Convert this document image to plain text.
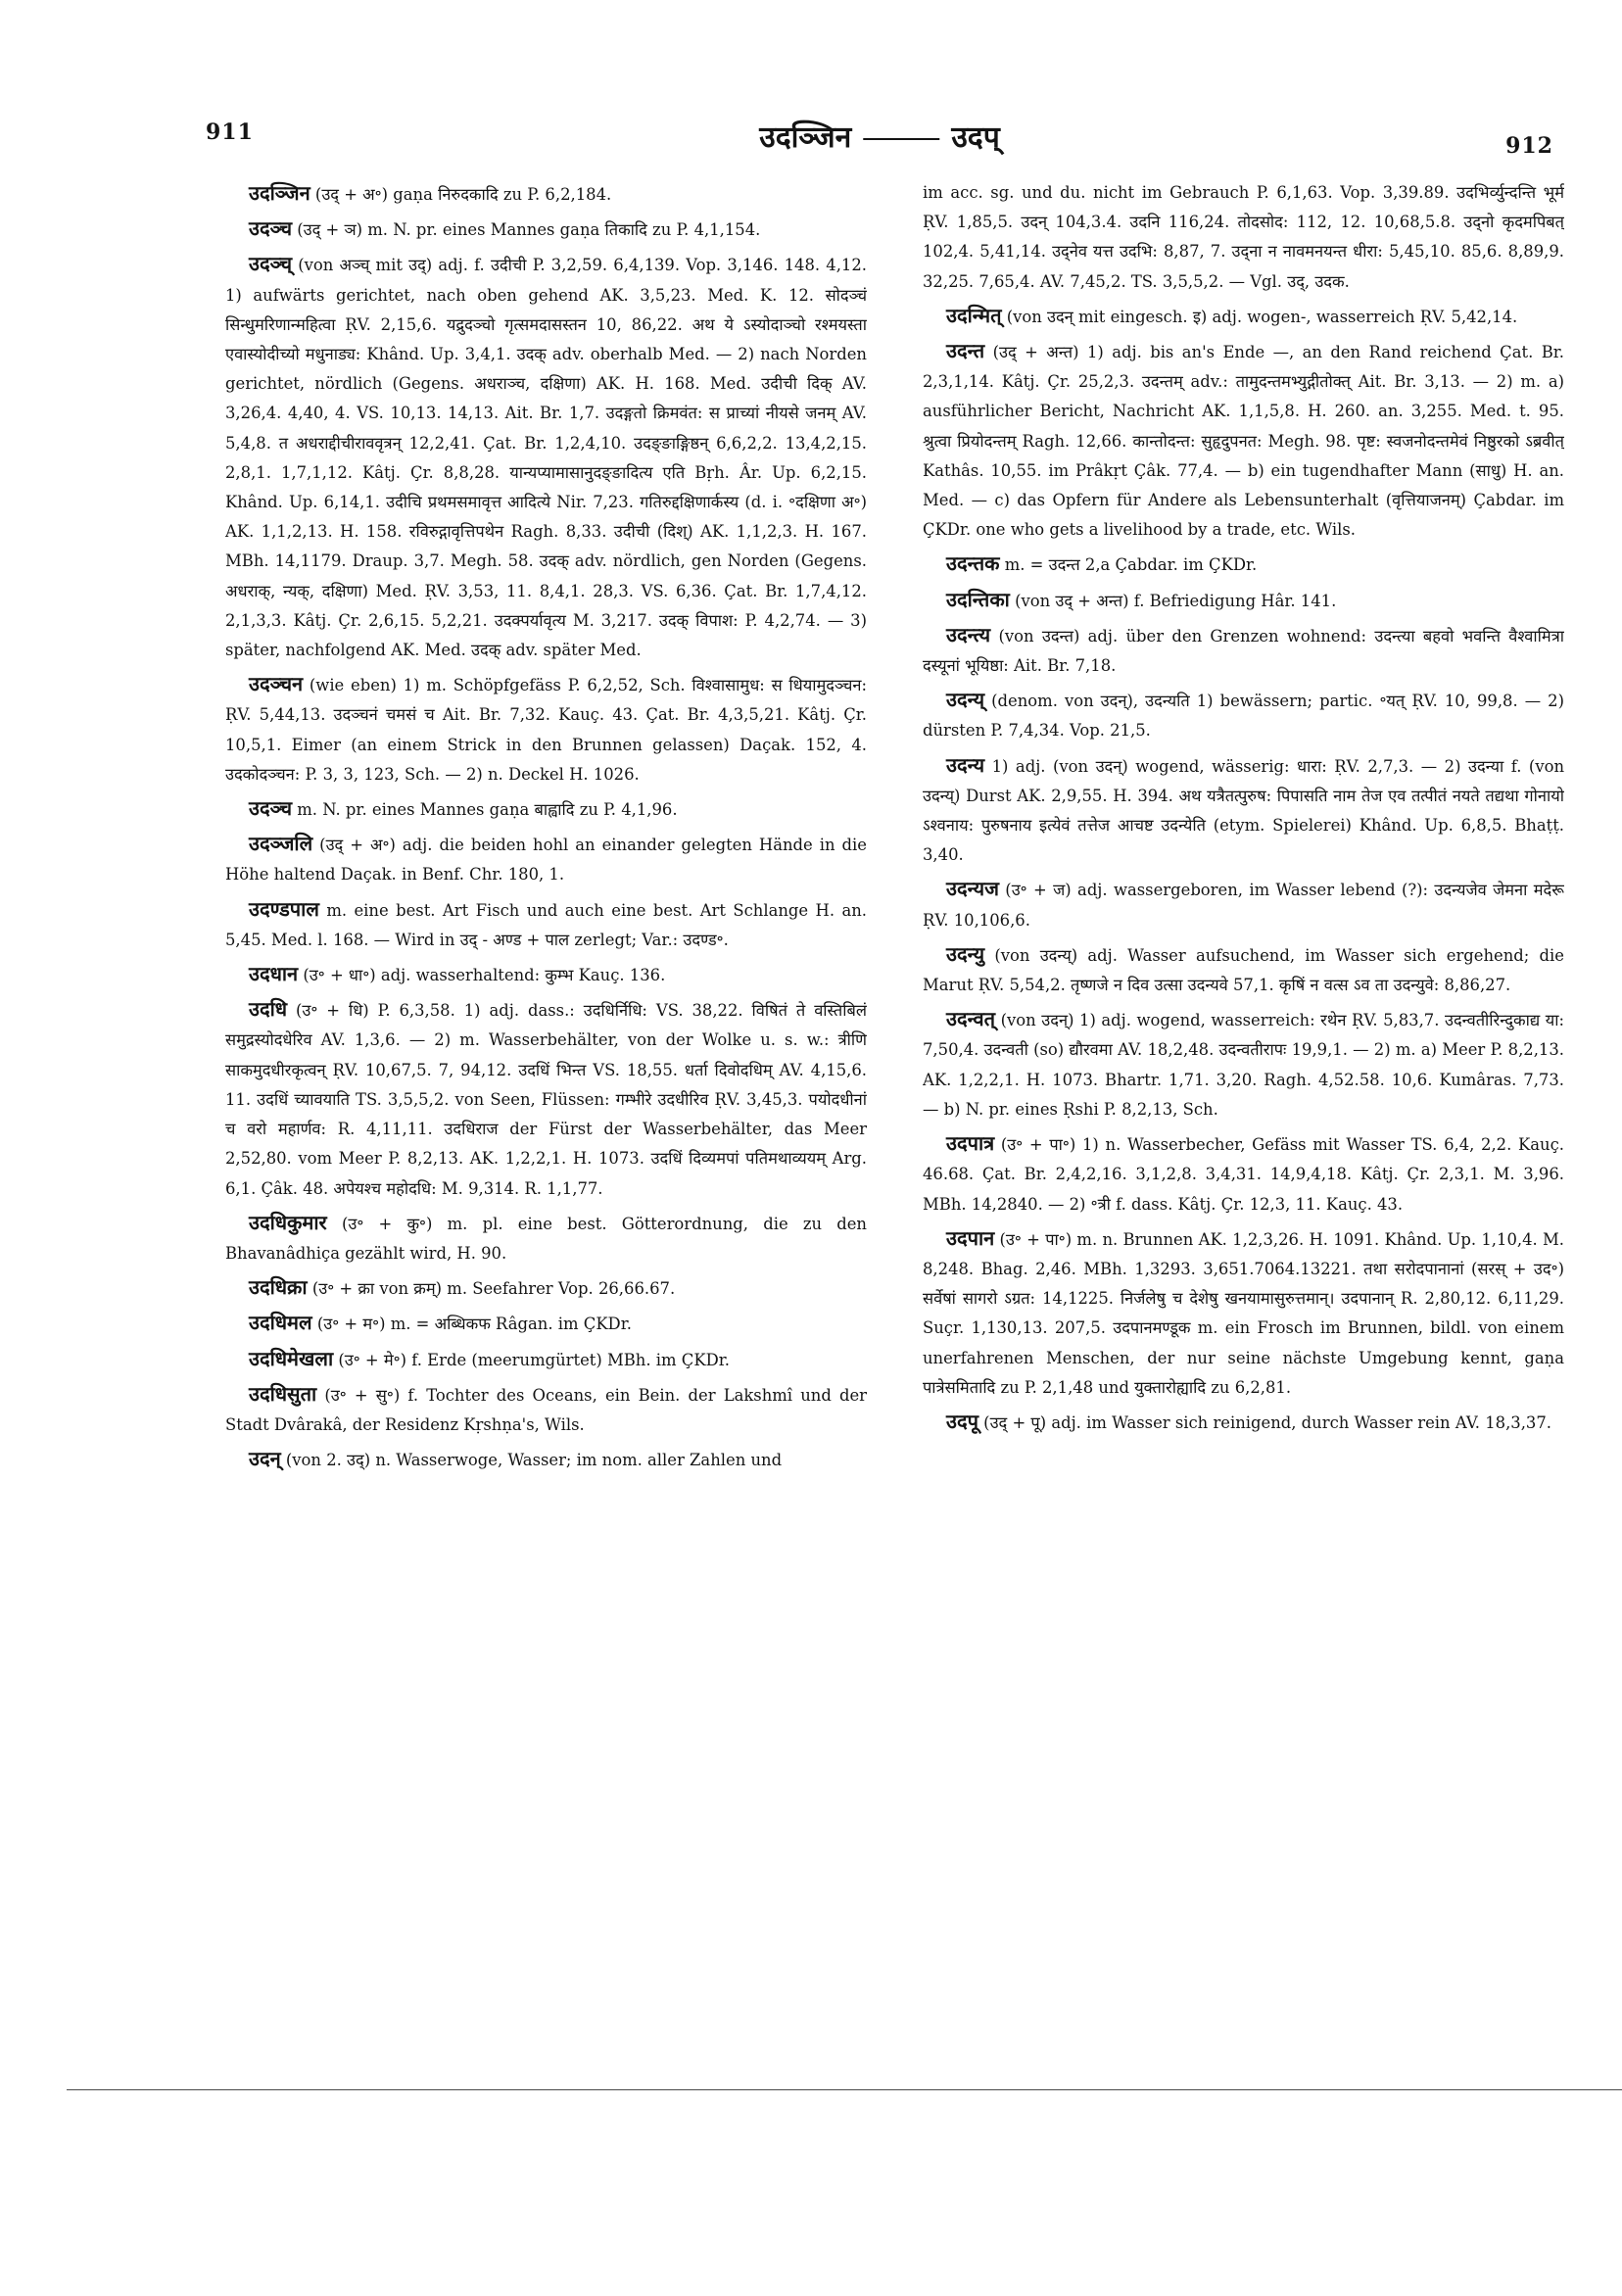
911	उदञ्जिन	उदप्	912

उदञ्जिन (उद् + अ॰) gaṇa निरुदकादि zu P. 6,2,184.

उदञ्च (उद् + ञ) m. N. pr. eines Mannes gaṇa तिकादि zu P. 4,1,154.

उदञ्च् (von अञ्च् mit उद्) adj. f. उदीची P. 3,2,59. 6,4,139. Vop. 3,146. 148. 4,12. 1) aufwärts gerichtet, nach oben gehend AK. 3,5,23. Med. K. 12. सोदञ्चं सिन्धुमरिणान्महित्वा ṚV. 2,15,6. यद्रुदञ्चो गृत्समदासस्तन 10, 86,22. अथ ये ऽस्योदाञ्चो रश्मयस्ता एवास्योदीच्यो मधुनाड्य: Khând. Up. 3,4,1. उदक् adv. oberhalb Med. — 2) nach Norden gerichtet, nördlich (Gegens. अधराञ्च, दक्षिणा) AK. H. 168. Med. उदीची दिक् AV. 3,26,4. 4,40, 4. VS. 10,13. 14,13. Ait. Br. 1,7. उदङ्गतो क्रिमवंत: स प्राच्यां नीयसे जनम् AV. 5,4,8. त अधराद्दीचीराववृत्रन् 12,2,41. Çat. Br. 1,2,4,10. उदङ्ङाङ्गिष्ठन् 6,6,2,2. 13,4,2,15. 2,8,1. 1,7,1,12. Kâtj. Çr. 8,8,28. यान्यप्यामासानुदङ्ङादित्य एति Bṛh. Âr. Up. 6,2,15. Khând. Up. 6,14,1. उदीचि प्रथमसमावृत्त आदित्ये Nir. 7,23. गतिरुद्दक्षिणार्कस्य (d. i. ॰दक्षिणा अ॰) AK. 1,1,2,13. H. 158. रविरुद्गावृत्तिपथेन Ragh. 8,33. उदीची (दिश्) AK. 1,1,2,3. H. 167. MBh. 14,1179. Draup. 3,7. Megh. 58. उदक् adv. nördlich, gen Norden (Gegens. अधराक्, न्यक्, दक्षिणा) Med. ṚV. 3,53, 11. 8,4,1. 28,3. VS. 6,36. Çat. Br. 1,7,4,12. 2,1,3,3. Kâtj. Çr. 2,6,15. 5,2,21. उदक्पर्यावृत्य M. 3,217. उदक् विपाश: P. 4,2,74. — 3) später, nachfolgend AK. Med. उदक् adv. später Med.

उदञ्चन (wie eben) 1) m. Schöpfgefäss P. 6,2,52, Sch. विश्वासामुध: स धियामुदञ्चन: ṚV. 5,44,13. उदञ्चनं चमसं च Ait. Br. 7,32. Kauç. 43. Çat. Br. 4,3,5,21. Kâtj. Çr. 10,5,1. Eimer (an einem Strick in den Brunnen gelassen) Daçak. 152, 4. उदकोदञ्चन: P. 3, 3, 123, Sch. — 2) n. Deckel H. 1026.

उदञ्च m. N. pr. eines Mannes gaṇa बाह्वादि zu P. 4,1,96.

उदञ्जलि (उद् + अ॰) adj. die beiden hohl an einander gelegten Hände in die Höhe haltend Daçak. in Benf. Chr. 180, 1.

उदण्डपाल m. eine best. Art Fisch und auch eine best. Art Schlange H. an. 5,45. Med. l. 168. — Wird in उद् - अण्ड + पाल zerlegt; Var.: उदण्ड॰.

उदधान (उ॰ + धा॰) adj. wasserhaltend: कुम्भ Kauç. 136.

उदधि (उ॰ + धि) P. 6,3,58. 1) adj. dass.: उदधिर्निधि: VS. 38,22. विषितं ते वस्तिबिलं समुद्रस्योदधेरिव AV. 1,3,6. — 2) m. Wasserbehälter, von der Wolke u. s. w.: त्रीणि साकमुदधीरकृत्वन् ṚV. 10,67,5. 7, 94,12. उदधिं भिन्त VS. 18,55. धर्ता दिवोदधिम् AV. 4,15,6. 11. उदधिं च्यावयाति TS. 3,5,5,2. von Seen, Flüssen: गम्भीरे उदधीरिव ṚV. 3,45,3. पयोदधीनां च वरो महार्णव: R. 4,11,11. उदधिराज der Fürst der Wasserbehälter, das Meer 2,52,80. vom Meer P. 8,2,13. AK. 1,2,2,1. H. 1073. उदधिं दिव्यमपां पतिमथाव्ययम् Arg. 6,1. Çâk. 48. अपेयश्च महोदधि: M. 9,314. R. 1,1,77.

उदधिकुमार (उ॰ + कु॰) m. pl. eine best. Götterordnung, die zu den Bhavanâdhiça gezählt wird, H. 90.

उदधिक्रा (उ॰ + क्रा von क्रम्) m. Seefahrer Vop. 26,66.67.

उदधिमल (उ॰ + म॰) m. = अब्धिकफ Râgan. im ÇKDr.

उदधिमेखला (उ॰ + मे॰) f. Erde (meerumgürtet) MBh. im ÇKDr.

उदधिसुता (उ॰ + सु॰) f. Tochter des Oceans, ein Bein. der Lakshmî und der Stadt Dvârakâ, der Residenz Kṛshṇa's, Wils.

उदन् (von 2. उद्) n. Wasserwoge, Wasser; im nom. aller Zahlen und

im acc. sg. und du. nicht im Gebrauch P. 6,1,63. Vop. 3,39.89. उदभिर्व्युन्दन्ति भूर्म ṚV. 1,85,5. उदन् 104,3.4. उदनि 116,24. तोदसोद: 112, 12. 10,68,5.8. उद्नो कृदमपिबत् 102,4. 5,41,14. उद्नेव यत्त उदभि: 8,87, 7. उद्ना न नावमनयन्त धीरा: 5,45,10. 85,6. 8,89,9. 32,25. 7,65,4. AV. 7,45,2. TS. 3,5,5,2. — Vgl. उद्, उदक.

उदन्मित् (von उदन् mit eingesch. इ) adj. wogen-, wasserreich ṚV. 5,42,14.

उदन्त (उद् + अन्त) 1) adj. bis an's Ende —, an den Rand reichend Çat. Br. 2,3,1,14. Kâtj. Çr. 25,2,3. उदन्तम् adv.: तामुदन्तमभ्युद्गीतोक्त् Ait. Br. 3,13. — 2) m. a) ausführlicher Bericht, Nachricht AK. 1,1,5,8. H. 260. an. 3,255. Med. t. 95. श्रुत्वा प्रियोदन्तम् Ragh. 12,66. कान्तोदन्त: सुहृदुपनत: Megh. 98. पृष्ट: स्वजनोदन्तमेवं निष्ठुरको ऽब्रवीत् Kathâs. 10,55. im Prâkṛt Çâk. 77,4. — b) ein tugendhafter Mann (साधु) H. an. Med. — c) das Opfern für Andere als Lebensunterhalt (वृत्तियाजनम्) Çabdar. im ÇKDr. one who gets a livelihood by a trade, etc. Wils.

उदन्तक m. = उदन्त 2,a Çabdar. im ÇKDr.

उदन्तिका (von उद् + अन्त) f. Befriedigung Hâr. 141.

उदन्त्य (von उदन्त) adj. über den Grenzen wohnend: उदन्त्या बहवो भवन्ति वैश्वामित्रा दस्यूनां भूयिष्ठा: Ait. Br. 7,18.

उदन्य् (denom. von उदन्), उदन्यति 1) bewässern; partic. ॰यत् ṚV. 10, 99,8. — 2) dürsten P. 7,4,34. Vop. 21,5.

उदन्य 1) adj. (von उदन्) wogend, wässerig: धारा: ṚV. 2,7,3. — 2) उदन्या f. (von उदन्य्) Durst AK. 2,9,55. H. 394. अथ यत्रैतत्पुरुष: पिपासति नाम तेज एव तत्पीतं नयते तद्यथा गोनायो ऽश्वनाय: पुरुषनाय इत्येवं तत्तेज आचष्ट उदन्येति (etym. Spielerei) Khând. Up. 6,8,5. Bhaṭṭ. 3,40.

उदन्यज (उ॰ + ज) adj. wassergeboren, im Wasser lebend (?): उदन्यजेव जेमना मदेरू ṚV. 10,106,6.

उदन्यु (von उदन्य्) adj. Wasser aufsuchend, im Wasser sich ergehend; die Marut ṚV. 5,54,2. तृष्णजे न दिव उत्सा उदन्यवे 57,1. कृषिं न वत्स ऽव ता उदन्युवे: 8,86,27.

उदन्वत् (von उदन्) 1) adj. wogend, wasserreich: रथेन ṚV. 5,83,7. उदन्वतीरिन्दुकाद्य या: 7,50,4. उदन्वती (so) द्यौरवमा AV. 18,2,48. उदन्वतीरापः 19,9,1. — 2) m. a) Meer P. 8,2,13. AK. 1,2,2,1. H. 1073. Bhartr. 1,71. 3,20. Ragh. 4,52.58. 10,6. Kumâras. 7,73. — b) N. pr. eines Ṛshi P. 8,2,13, Sch.

उदपात्र (उ॰ + पा॰) 1) n. Wasserbecher, Gefäss mit Wasser TS. 6,4, 2,2. Kauç. 46.68. Çat. Br. 2,4,2,16. 3,1,2,8. 3,4,31. 14,9,4,18. Kâtj. Çr. 2,3,1. M. 3,96. MBh. 14,2840. — 2) ॰त्री f. dass. Kâtj. Çr. 12,3, 11. Kauç. 43.

उदपान (उ॰ + पा॰) m. n. Brunnen AK. 1,2,3,26. H. 1091. Khând. Up. 1,10,4. M. 8,248. Bhag. 2,46. MBh. 1,3293. 3,651.7064.13221. तथा सरोदपानानां (सरस् + उद॰) सर्वेषां सागरो ऽग्रत: 14,1225. निर्जलेषु च देशेषु खनयामासुरुत्तमान्। उदपानान् R. 2,80,12. 6,11,29. Suçr. 1,130,13. 207,5. उदपानमण्डूक m. ein Frosch im Brunnen, bildl. von einem unerfahrenen Menschen, der nur seine nächste Umgebung kennt, gaṇa पात्रेसमितादि zu P. 2,1,48 und युक्तारोह्यादि zu 6,2,81.

उदपू (उद् + पू) adj. im Wasser sich reinigend, durch Wasser rein AV. 18,3,37.
